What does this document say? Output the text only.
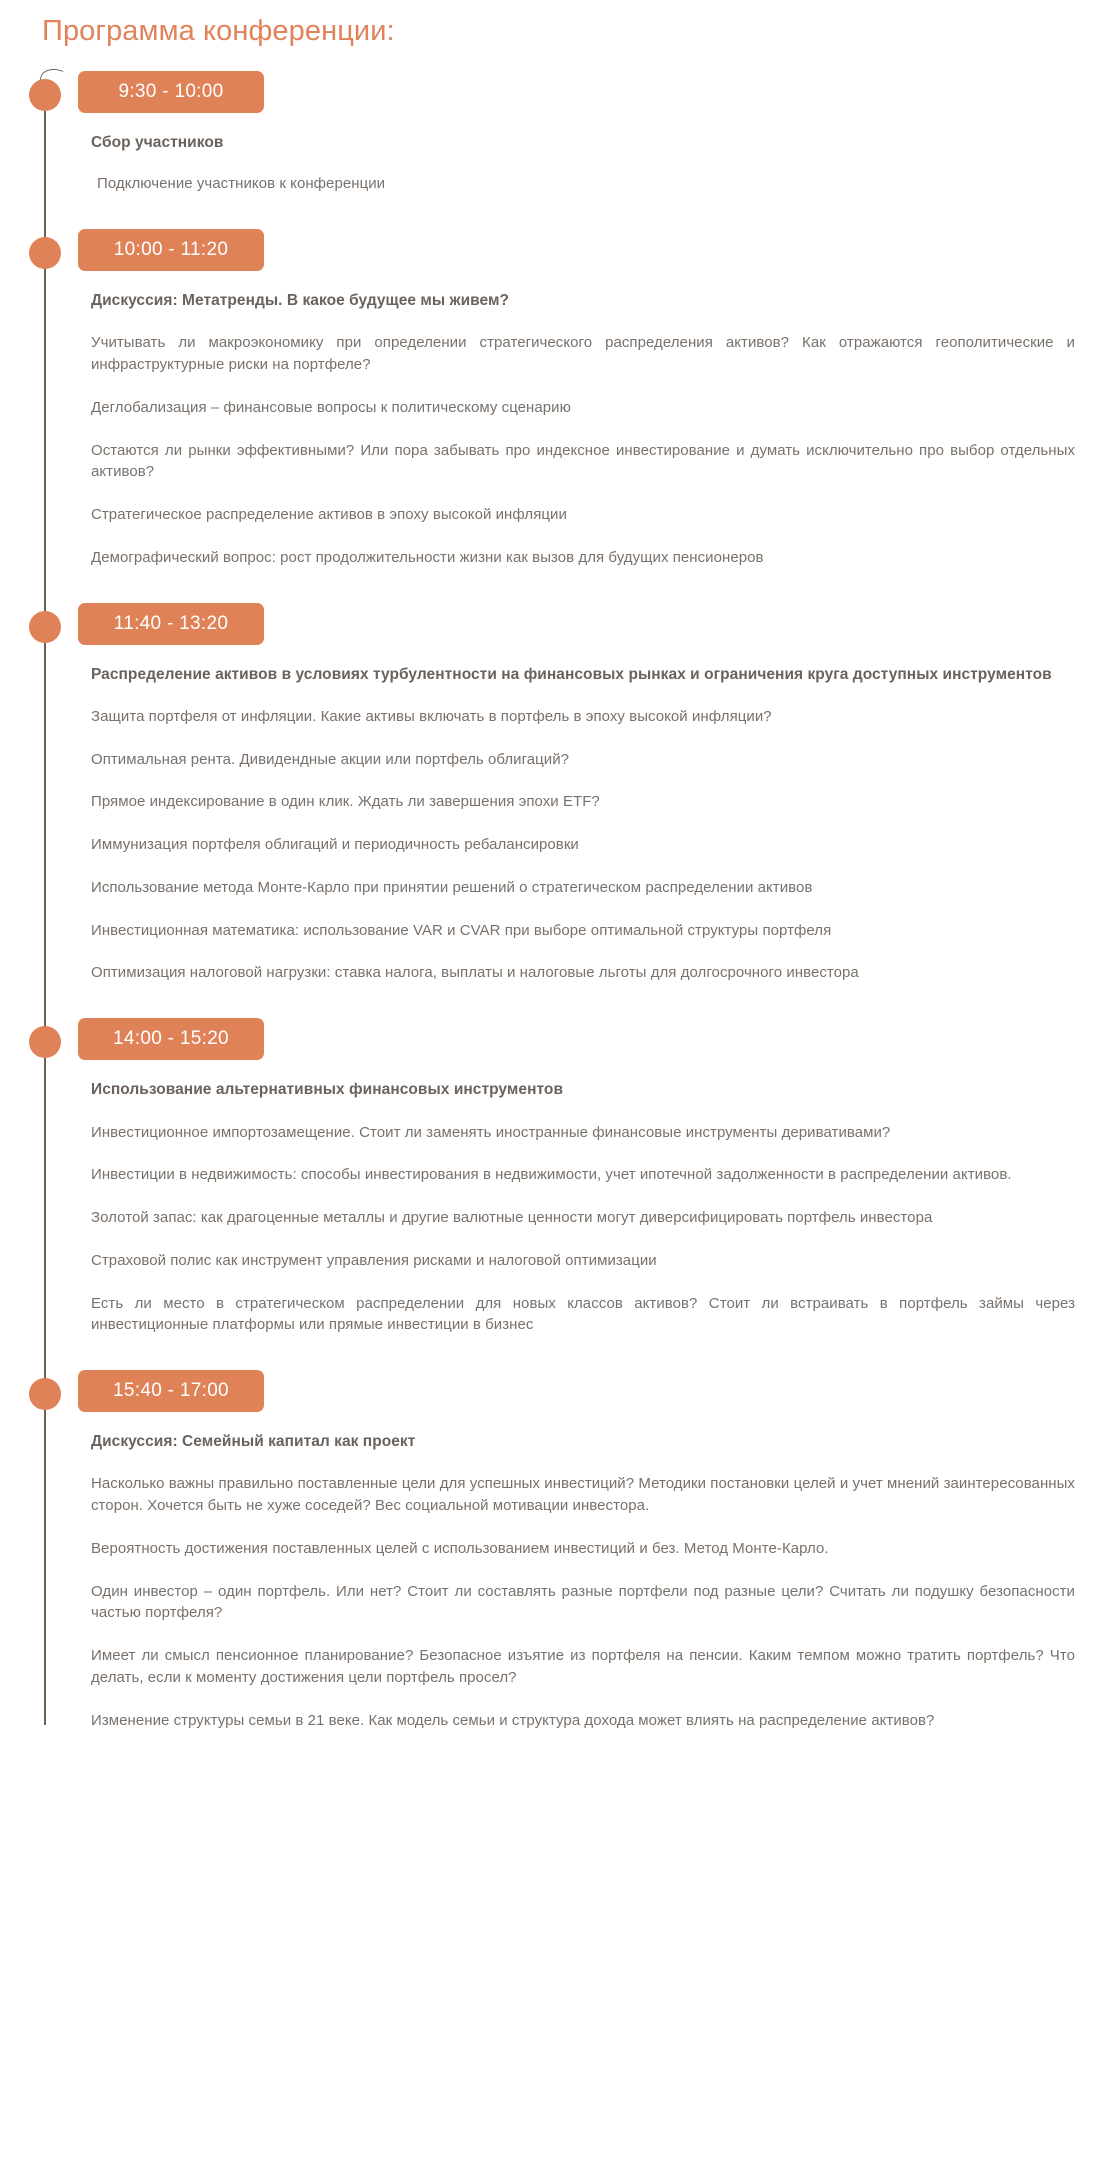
Программа конференции:
9:30 - 10:00
Сбор участников
Подключение участников к конференции
10:00 - 11:20
Дискуссия: Метатренды. В какое будущее мы живем?
Учитывать ли макроэкономику при определении стратегического распределения активов? Как отражаются геополитические и инфраструктурные риски на портфеле?
Деглобализация – финансовые вопросы к политическому сценарию
Остаются ли рынки эффективными? Или пора забывать про индексное инвестирование и думать исключительно про выбор отдельных активов?
Стратегическое распределение активов в эпоху высокой инфляции
Демографический вопрос: рост продолжительности жизни как вызов для будущих пенсионеров
11:40 - 13:20
Распределение активов в условиях турбулентности на финансовых рынках и ограничения круга доступных инструментов
Защита портфеля от инфляции. Какие активы включать в портфель в эпоху высокой инфляции?
Оптимальная рента. Дивидендные акции или портфель облигаций?
Прямое индексирование в один клик. Ждать ли завершения эпохи ETF?
Иммунизация портфеля облигаций и периодичность ребалансировки
Использование метода Монте-Карло при принятии решений о стратегическом распределении активов
Инвестиционная математика: использование VAR и CVAR при выборе оптимальной структуры портфеля
Оптимизация налоговой нагрузки: ставка налога, выплаты и налоговые льготы для долгосрочного инвестора
14:00 - 15:20
Использование альтернативных финансовых инструментов
Инвестиционное импортозамещение. Стоит ли заменять иностранные финансовые инструменты деривативами?
Инвестиции в недвижимость: способы инвестирования в недвижимости, учет ипотечной задолженности в распределении активов.
Золотой запас: как драгоценные металлы и другие валютные ценности могут диверсифицировать портфель инвестора
Страховой полис как инструмент управления рисками и налоговой оптимизации
Есть ли место в стратегическом распределении для новых классов активов? Стоит ли встраивать в портфель займы через инвестиционные платформы или прямые инвестиции в бизнес
15:40 - 17:00
Дискуссия: Семейный капитал как проект
Насколько важны правильно поставленные цели для успешных инвестиций? Методики постановки целей и учет мнений заинтересованных сторон. Хочется быть не хуже соседей? Вес социальной мотивации инвестора.
Вероятность достижения поставленных целей с использованием инвестиций и без. Метод Монте-Карло.
Один инвестор – один портфель. Или нет? Стоит ли составлять разные портфели под разные цели? Считать ли подушку безопасности частью портфеля?
Имеет ли смысл пенсионное планирование? Безопасное изъятие из портфеля на пенсии. Каким темпом можно тратить портфель? Что делать, если к моменту достижения цели портфель просел?
Изменение структуры семьи в 21 веке. Как модель семьи и структура дохода может влиять на распределение активов?
